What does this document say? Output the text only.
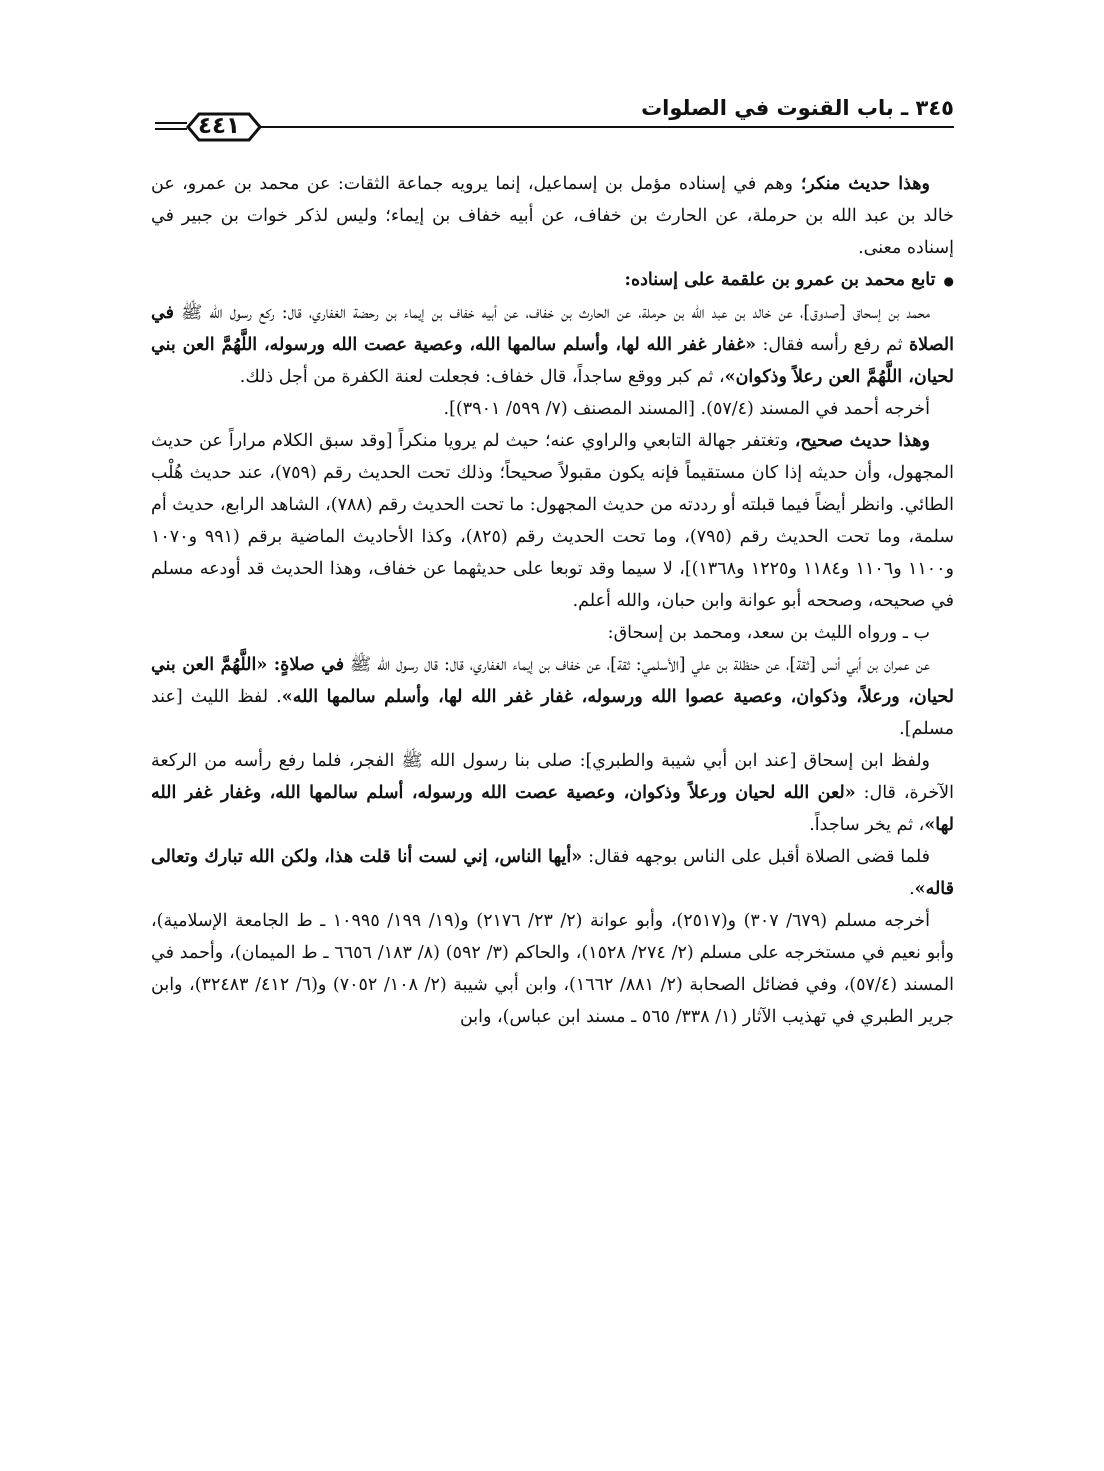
٣٤٥ ـ باب القنوت في الصلوات
٤٤١

وهذا حديث منكر؛ وهم في إسناده مؤمل بن إسماعيل، إنما يرويه جماعة الثقات: عن محمد بن عمرو، عن خالد بن عبد الله بن حرملة، عن الحارث بن خفاف، عن أبيه خفاف بن إيماء؛ وليس لذكر خوات بن جبير في إسناده معنى.

● تابع محمد بن عمرو بن علقمة على إسناده:

محمد بن إسحاق [صدوق]، عن خالد بن عبد الله بن حرملة، عن الحارث بن خفاف، عن أبيه خفاف بن إيماء بن رحضة الغفاري، قال: ركع رسول الله ﷺ في الصلاة ثم رفع رأسه فقال: «غفار غفر الله لها، وأسلم سالمها الله، وعصية عصت الله ورسوله، اللَّهُمَّ العن بني لحيان، اللَّهُمَّ العن رعلاً وذكوان»، ثم كبر ووقع ساجداً، قال خفاف: فجعلت لعنة الكفرة من أجل ذلك.

أخرجه أحمد في المسند (٥٧/٤). [المسند المصنف (٧/ ٥٩٩/ ٣٩٠١)].

وهذا حديث صحيح، وتغتفر جهالة التابعي والراوي عنه؛ حيث لم يرويا منكراً [وقد سبق الكلام مراراً عن حديث المجهول، وأن حديثه إذا كان مستقيماً فإنه يكون مقبولاً صحيحاً؛ وذلك تحت الحديث رقم (٧٥٩)، عند حديث هُلْب الطائي. وانظر أيضاً فيما قبلته أو رددته من حديث المجهول: ما تحت الحديث رقم (٧٨٨)، الشاهد الرابع، حديث أم سلمة، وما تحت الحديث رقم (٧٩٥)، وما تحت الحديث رقم (٨٢٥)، وكذا الأحاديث الماضية برقم (٩٩١ و١٠٧٠ و١١٠٠ و١١٠٦ و١١٨٤ و١٢٢٥ و١٣٦٨)]، لا سيما وقد توبعا على حديثهما عن خفاف، وهذا الحديث قد أودعه مسلم في صحيحه، وصححه أبو عوانة وابن حبان، والله أعلم.

ب ـ ورواه الليث بن سعد، ومحمد بن إسحاق:

عن عمران بن أبي أنس [ثقة]، عن حنظلة بن علي [الأسلمي: ثقة]، عن خفاف بن إيماء الغفاري، قال: قال رسول الله ﷺ في صلاةٍ: «اللَّهُمَّ العن بني لحيان، ورعلاً، وذكوان، وعصية عصوا الله ورسوله، غفار غفر الله لها، وأسلم سالمها الله». لفظ الليث [عند مسلم].

ولفظ ابن إسحاق [عند ابن أبي شيبة والطبري]: صلى بنا رسول الله ﷺ الفجر، فلما رفع رأسه من الركعة الآخرة، قال: «لعن الله لحيان ورعلاً وذكوان، وعصية عصت الله ورسوله، أسلم سالمها الله، وغفار غفر الله لها»، ثم يخر ساجداً.

فلما قضى الصلاة أقبل على الناس بوجهه فقال: «أيها الناس، إني لست أنا قلت هذا، ولكن الله تبارك وتعالى قاله».

أخرجه مسلم (٦٧٩/ ٣٠٧) و(٢٥١٧)، وأبو عوانة (٢/ ٢٣/ ٢١٧٦) و(١٩/ ١٩٩/ ١٠٩٩٥ ـ ط الجامعة الإسلامية)، وأبو نعيم في مستخرجه على مسلم (٢/ ٢٧٤/ ١٥٢٨)، والحاكم (٣/ ٥٩٢) (٨/ ١٨٣/ ٦٦٥٦ ـ ط الميمان)، وأحمد في المسند (٥٧/٤)، وفي فضائل الصحابة (٢/ ٨٨١/ ١٦٦٢)، وابن أبي شيبة (٢/ ١٠٨/ ٧٠٥٢) و(٦/ ٤١٢/ ٣٢٤٨٣)، وابن جرير الطبري في تهذيب الآثار (١/ ٣٣٨/ ٥٦٥ ـ مسند ابن عباس)، وابن
